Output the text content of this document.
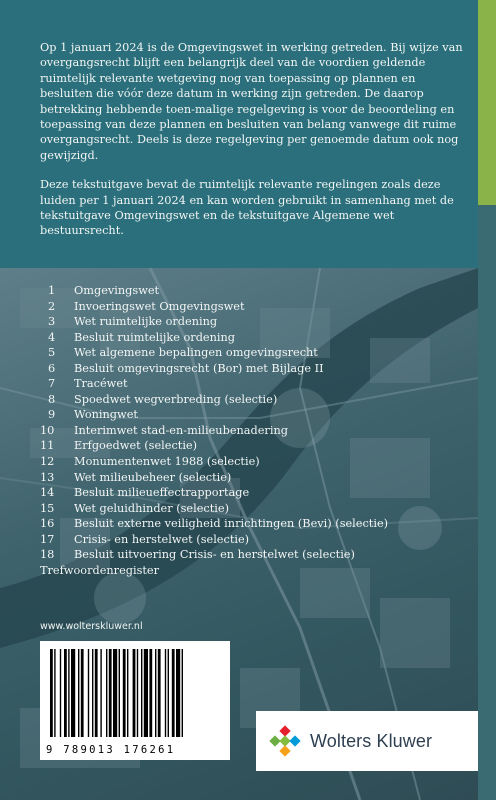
Op 1 januari 2024 is de Omgevingswet in werking getreden. Bij wijze van overgangsrecht blijft een belangrijk deel van de voordien geldende ruimtelijk relevante wetgeving nog van toepassing op plannen en besluiten die vóór deze datum in werking zijn getreden. De daarop betrekking hebbende toen-malige regelgeving is voor de beoordeling en toepassing van deze plannen en besluiten van belang vanwege dit ruime overgangsrecht. Deels is deze regelgeving per genoemde datum ook nog gewijzigd.

Deze tekstuitgave bevat de ruimtelijk relevante regelingen zoals deze luiden per 1 januari 2024 en kan worden gebruikt in samenhang met de tekstuitgave Omgevingswet en de tekstuitgave Algemene wet bestuursrecht.

1	Omgevingswet
2	Invoeringswet Omgevingswet
3	Wet ruimtelijke ordening
4	Besluit ruimtelijke ordening
5	Wet algemene bepalingen omgevingsrecht
6	Besluit omgevingsrecht (Bor) met Bijlage II
7	Tracéwet
8	Spoedwet wegverbreding (selectie)
9	Woningwet
10	Interimwet stad-en-milieubenadering
11	Erfgoedwet (selectie)
12	Monumentenwet 1988 (selectie)
13	Wet milieubeheer (selectie)
14	Besluit milieueffectrapportage
15	Wet geluidhinder (selectie)
16	Besluit externe veiligheid inrichtingen (Bevi) (selectie)
17	Crisis- en herstelwet (selectie)
18	Besluit uitvoering Crisis- en herstelwet (selectie)
Trefwoordenregister
www.wolterskluwer.nl
9 789013 176261	Wolters Kluwer
